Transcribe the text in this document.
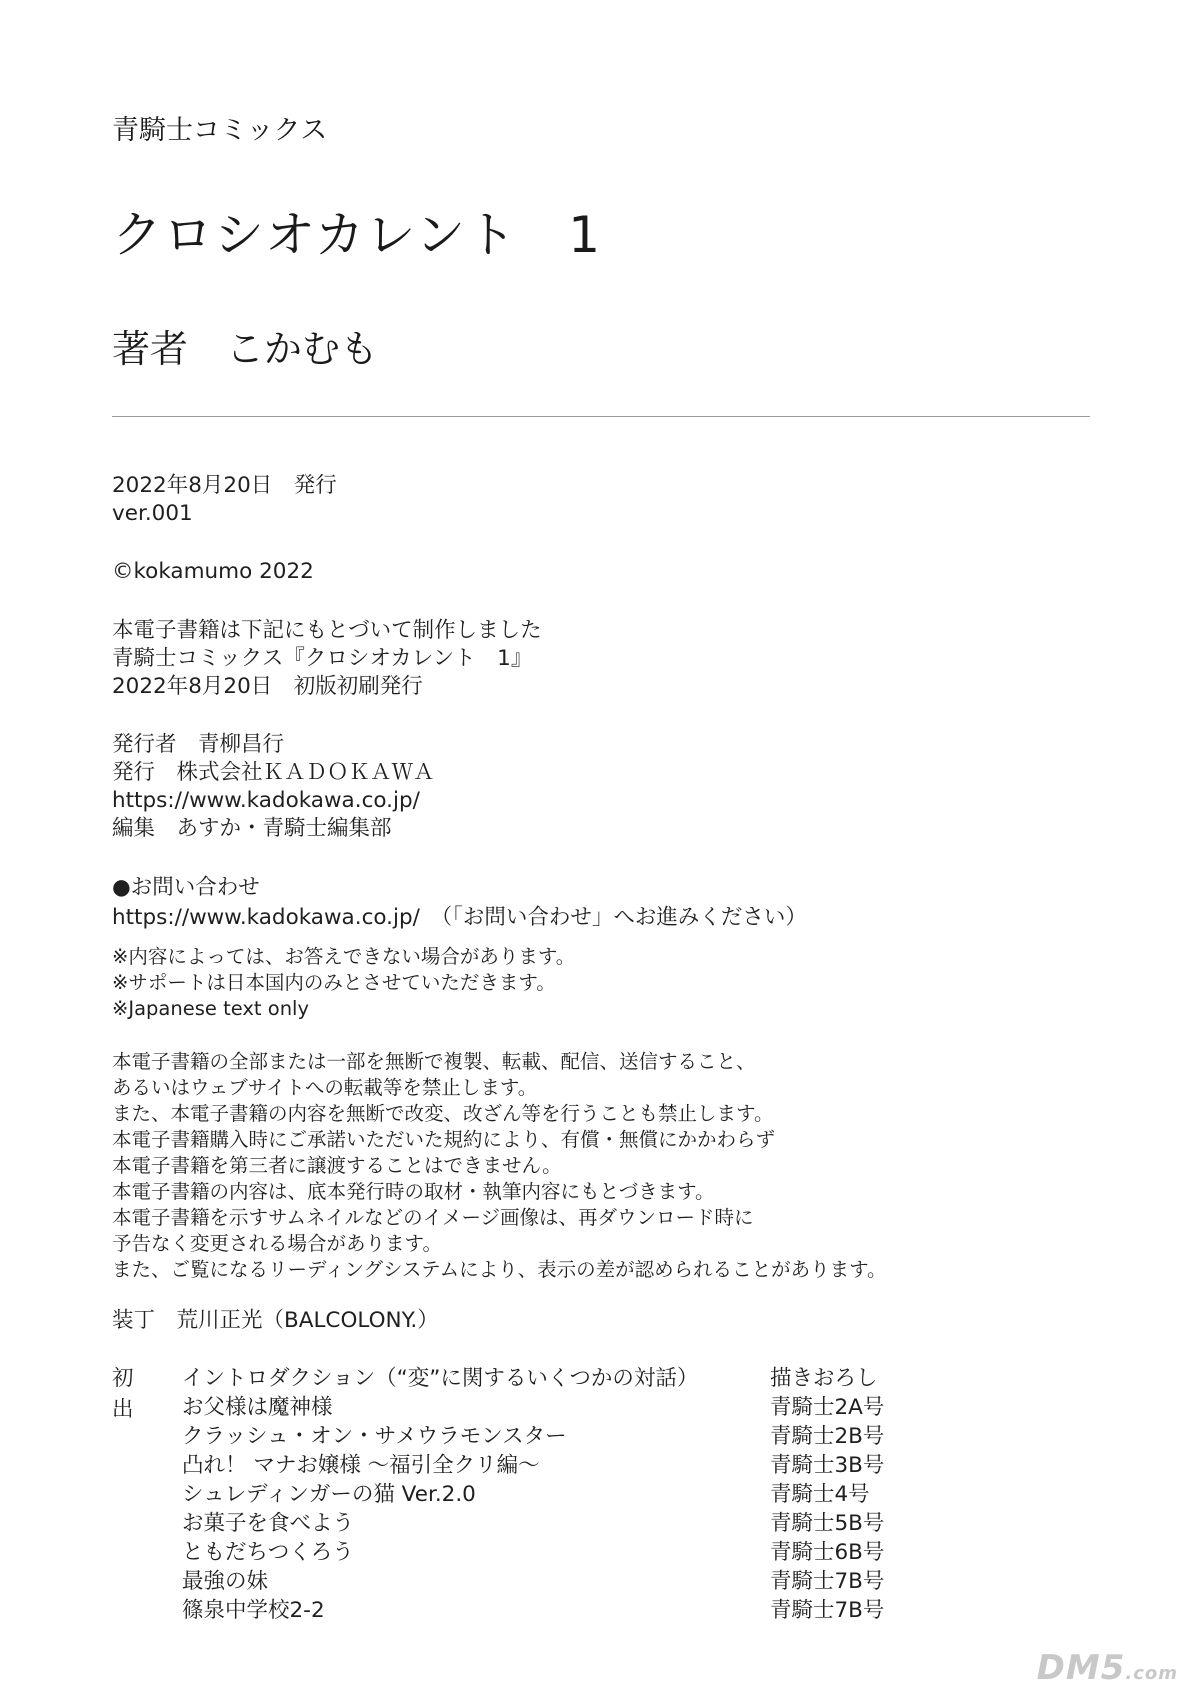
青騎士コミックス
クロシオカレント　1
著者　こかむも
2022年8月20日　発行
ver.001
©kokamumo 2022
本電子書籍は下記にもとづいて制作しました
青騎士コミックス『クロシオカレント　1』
2022年8月20日　初版初刷発行
発行者　青柳昌行
発行　株式会社ＫＡＤＯＫＡＷＡ
https://www.kadokawa.co.jp/
編集　あすか・青騎士編集部
●お問い合わせ
https://www.kadokawa.co.jp/　（「お問い合わせ」へお進みください）
※内容によっては、お答えできない場合があります。
※サポートは日本国内のみとさせていただきます。
※Japanese text only
本電子書籍の全部または一部を無断で複製、転載、配信、送信すること、
あるいはウェブサイトへの転載等を禁止します。
また、本電子書籍の内容を無断で改変、改ざん等を行うことも禁止します。
本電子書籍購入時にご承諾いただいた規約により、有償・無償にかかわらず
本電子書籍を第三者に譲渡することはできません。
本電子書籍の内容は、底本発行時の取材・執筆内容にもとづきます。
本電子書籍を示すサムネイルなどのイメージ画像は、再ダウンロード時に
予告なく変更される場合があります。
また、ご覧になるリーディングシステムにより、表示の差が認められることがあります。
装丁　荒川正光（BALCOLONY.）
初出
イントロダクション（“変”に関するいくつかの対話）	描きおろし
お父様は魔神様	青騎士2A号
クラッシュ・オン・サメウラモンスター	青騎士2B号
凸れ！ マナお嬢様 ～福引全クリ編～	青騎士3B号
シュレディンガーの猫 Ver.2.0	青騎士4号
お菓子を食べよう	青騎士5B号
ともだちつくろう	青騎士6B号
最強の妹	青騎士7B号
篠泉中学校2-2	青騎士7B号
DM5.com
